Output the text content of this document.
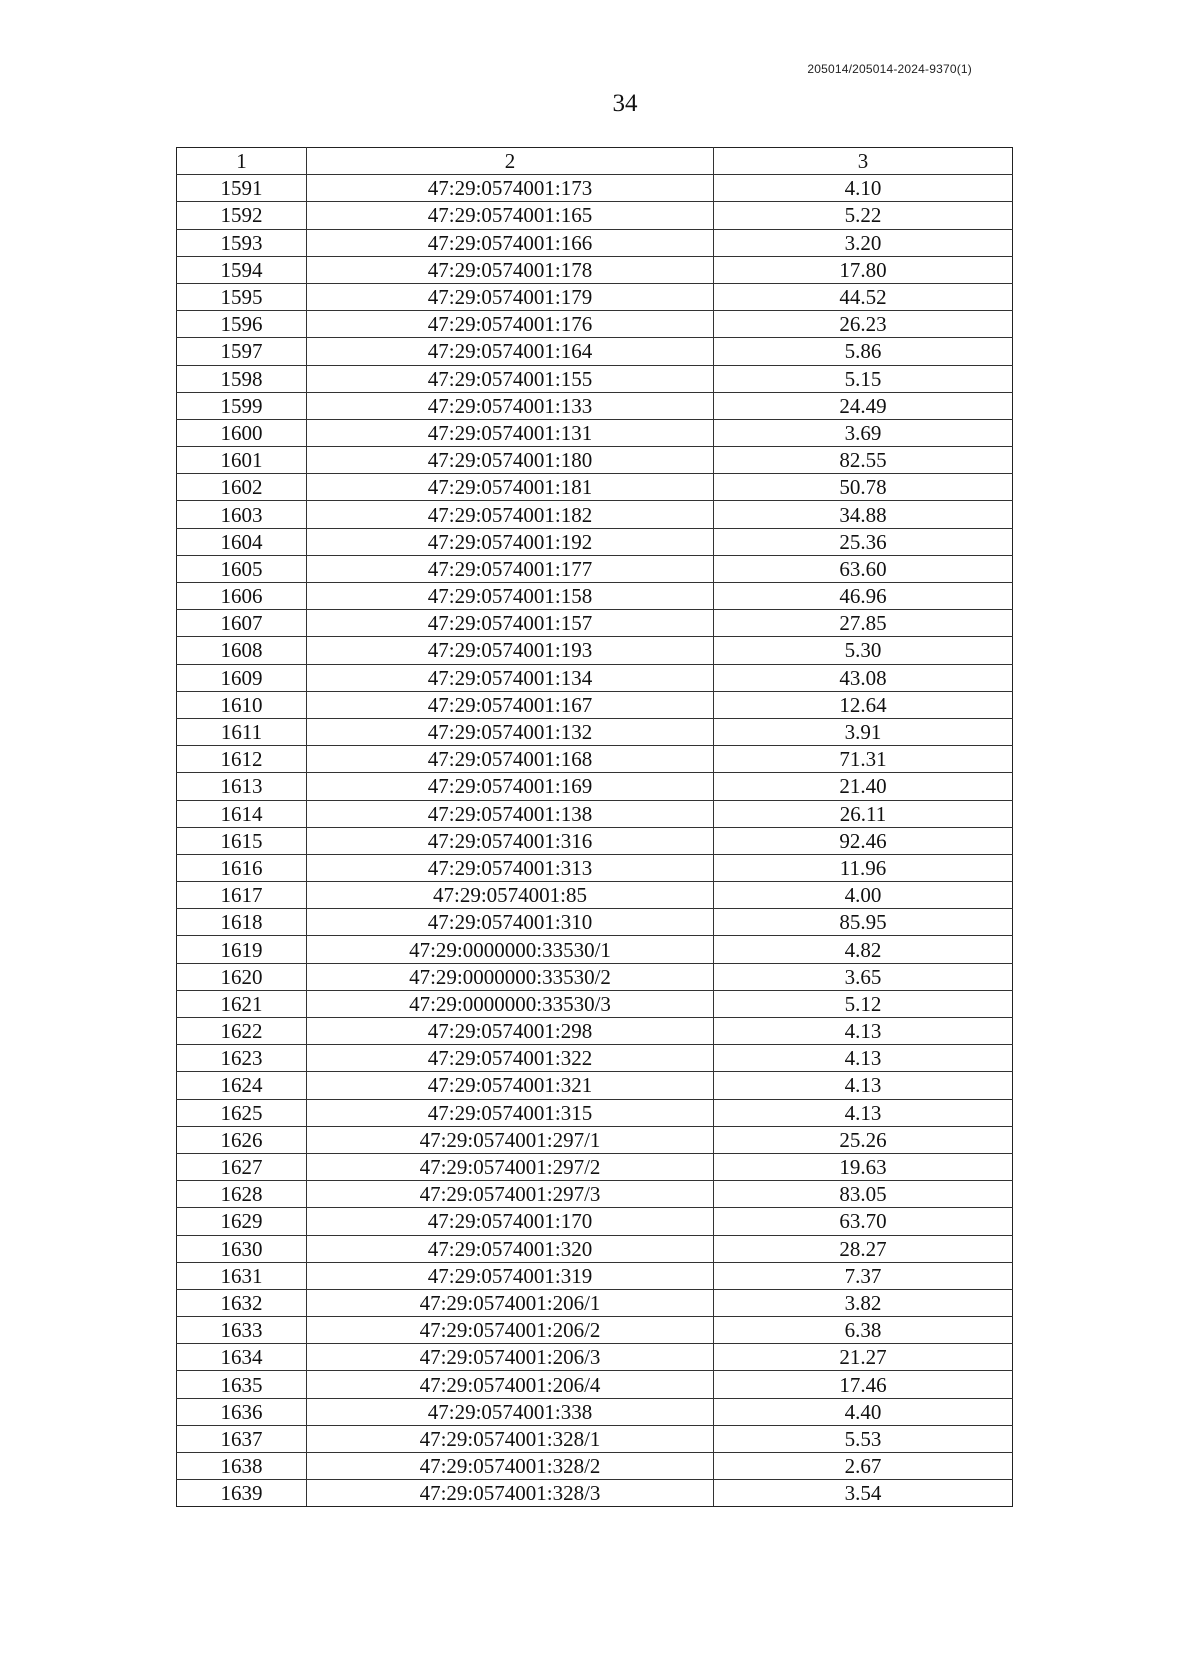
205014/205014-2024-9370(1)
34
1	2	3
1591	47:29:0574001:173	4.10
1592	47:29:0574001:165	5.22
1593	47:29:0574001:166	3.20
1594	47:29:0574001:178	17.80
1595	47:29:0574001:179	44.52
1596	47:29:0574001:176	26.23
1597	47:29:0574001:164	5.86
1598	47:29:0574001:155	5.15
1599	47:29:0574001:133	24.49
1600	47:29:0574001:131	3.69
1601	47:29:0574001:180	82.55
1602	47:29:0574001:181	50.78
1603	47:29:0574001:182	34.88
1604	47:29:0574001:192	25.36
1605	47:29:0574001:177	63.60
1606	47:29:0574001:158	46.96
1607	47:29:0574001:157	27.85
1608	47:29:0574001:193	5.30
1609	47:29:0574001:134	43.08
1610	47:29:0574001:167	12.64
1611	47:29:0574001:132	3.91
1612	47:29:0574001:168	71.31
1613	47:29:0574001:169	21.40
1614	47:29:0574001:138	26.11
1615	47:29:0574001:316	92.46
1616	47:29:0574001:313	11.96
1617	47:29:0574001:85	4.00
1618	47:29:0574001:310	85.95
1619	47:29:0000000:33530/1	4.82
1620	47:29:0000000:33530/2	3.65
1621	47:29:0000000:33530/3	5.12
1622	47:29:0574001:298	4.13
1623	47:29:0574001:322	4.13
1624	47:29:0574001:321	4.13
1625	47:29:0574001:315	4.13
1626	47:29:0574001:297/1	25.26
1627	47:29:0574001:297/2	19.63
1628	47:29:0574001:297/3	83.05
1629	47:29:0574001:170	63.70
1630	47:29:0574001:320	28.27
1631	47:29:0574001:319	7.37
1632	47:29:0574001:206/1	3.82
1633	47:29:0574001:206/2	6.38
1634	47:29:0574001:206/3	21.27
1635	47:29:0574001:206/4	17.46
1636	47:29:0574001:338	4.40
1637	47:29:0574001:328/1	5.53
1638	47:29:0574001:328/2	2.67
1639	47:29:0574001:328/3	3.54
